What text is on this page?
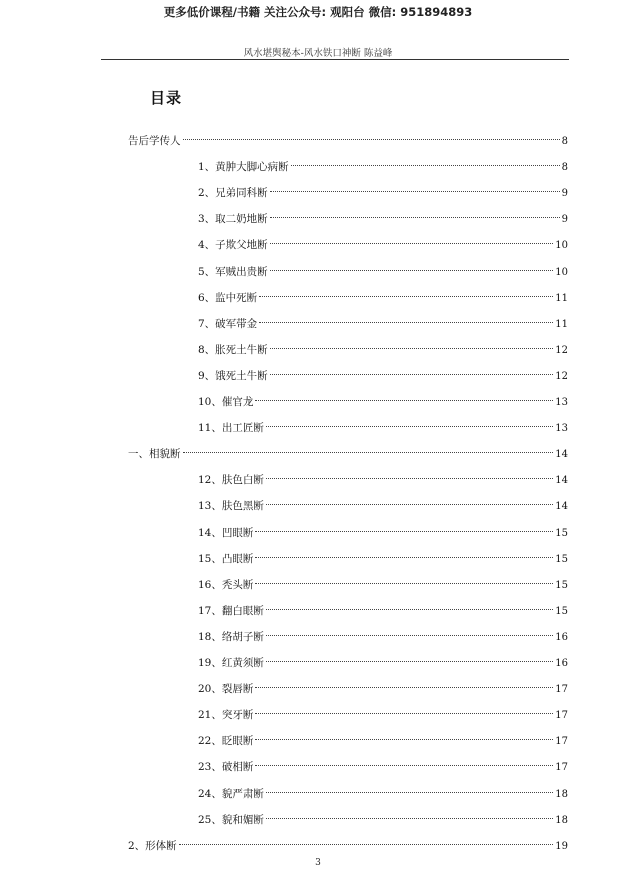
更多低价课程/书籍 关注公众号: 观阳台 微信: 951894893
风水堪舆秘本-风水铁口神断 陈益峰
目录
告后学传人	8
1、黄肿大脚心病断	8
2、兄弟同科断	9
3、取二奶地断	9
4、子欺父地断	10
5、军贼出贵断	10
6、监中死断	11
7、破军带金	11
8、胀死土牛断	12
9、饿死土牛断	12
10、催官龙	13
11、出工匠断	13
一、相貌断	14
12、肤色白断	14
13、肤色黑断	14
14、凹眼断	15
15、凸眼断	15
16、秃头断	15
17、翻白眼断	15
18、络胡子断	16
19、红黄须断	16
20、裂唇断	17
21、突牙断	17
22、眨眼断	17
23、破相断	17
24、貌严肃断	18
25、貌和媚断	18
2、形体断	19
3
